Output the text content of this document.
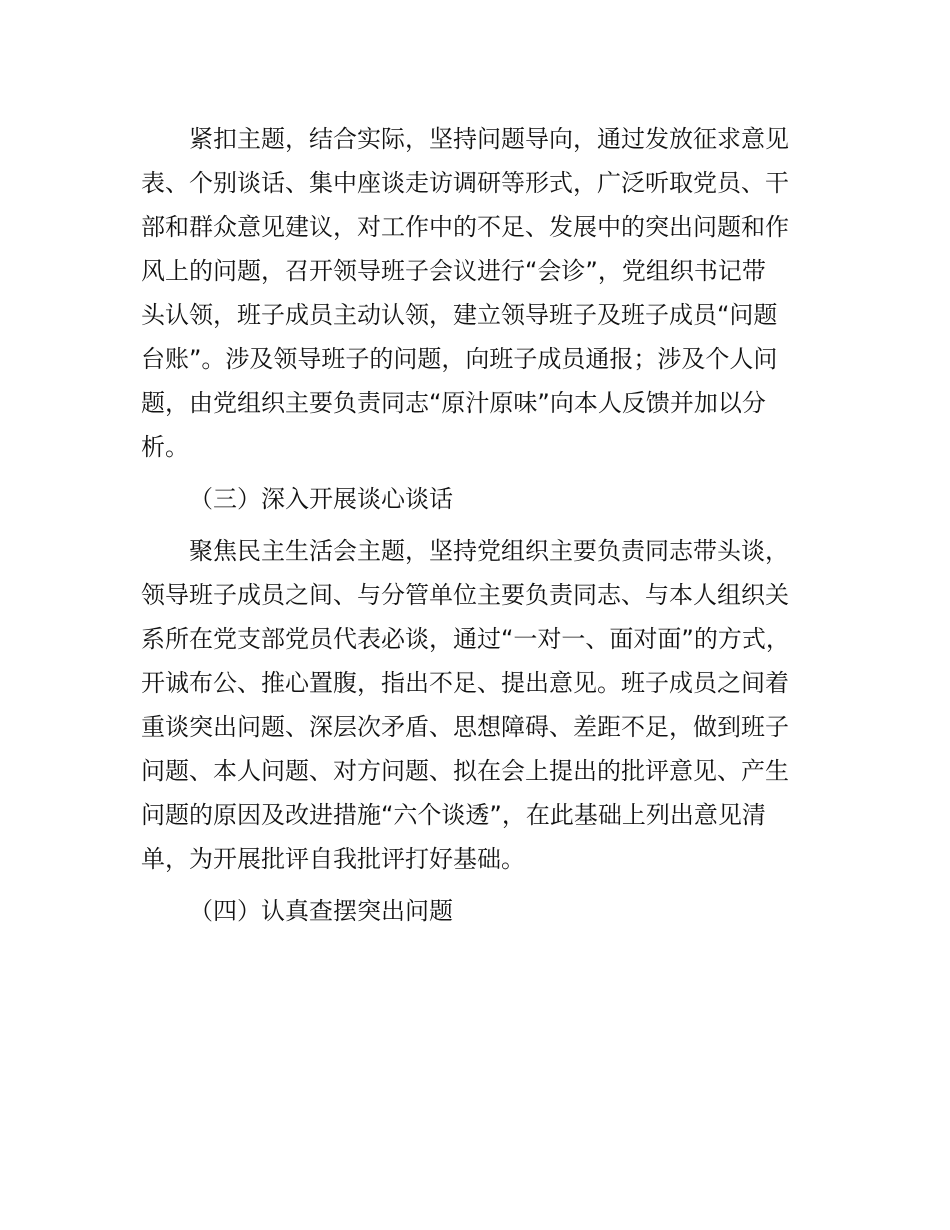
紧扣主题，结合实际，坚持问题导向，通过发放征求意见
表、个别谈话、集中座谈走访调研等形式，广泛听取党员、干
部和群众意见建议，对工作中的不足、发展中的突出问题和作
风上的问题，召开领导班子会议进行“会诊”，党组织书记带
头认领，班子成员主动认领，建立领导班子及班子成员“问题
台账”。涉及领导班子的问题，向班子成员通报；涉及个人问
题，由党组织主要负责同志“原汁原味”向本人反馈并加以分
析。
（三）深入开展谈心谈话
聚焦民主生活会主题，坚持党组织主要负责同志带头谈，
领导班子成员之间、与分管单位主要负责同志、与本人组织关
系所在党支部党员代表必谈，通过“一对一、面对面”的方式，
开诚布公、推心置腹，指出不足、提出意见。班子成员之间着
重谈突出问题、深层次矛盾、思想障碍、差距不足，做到班子
问题、本人问题、对方问题、拟在会上提出的批评意见、产生
问题的原因及改进措施“六个谈透”，在此基础上列出意见清
单，为开展批评自我批评打好基础。
（四）认真查摆突出问题
